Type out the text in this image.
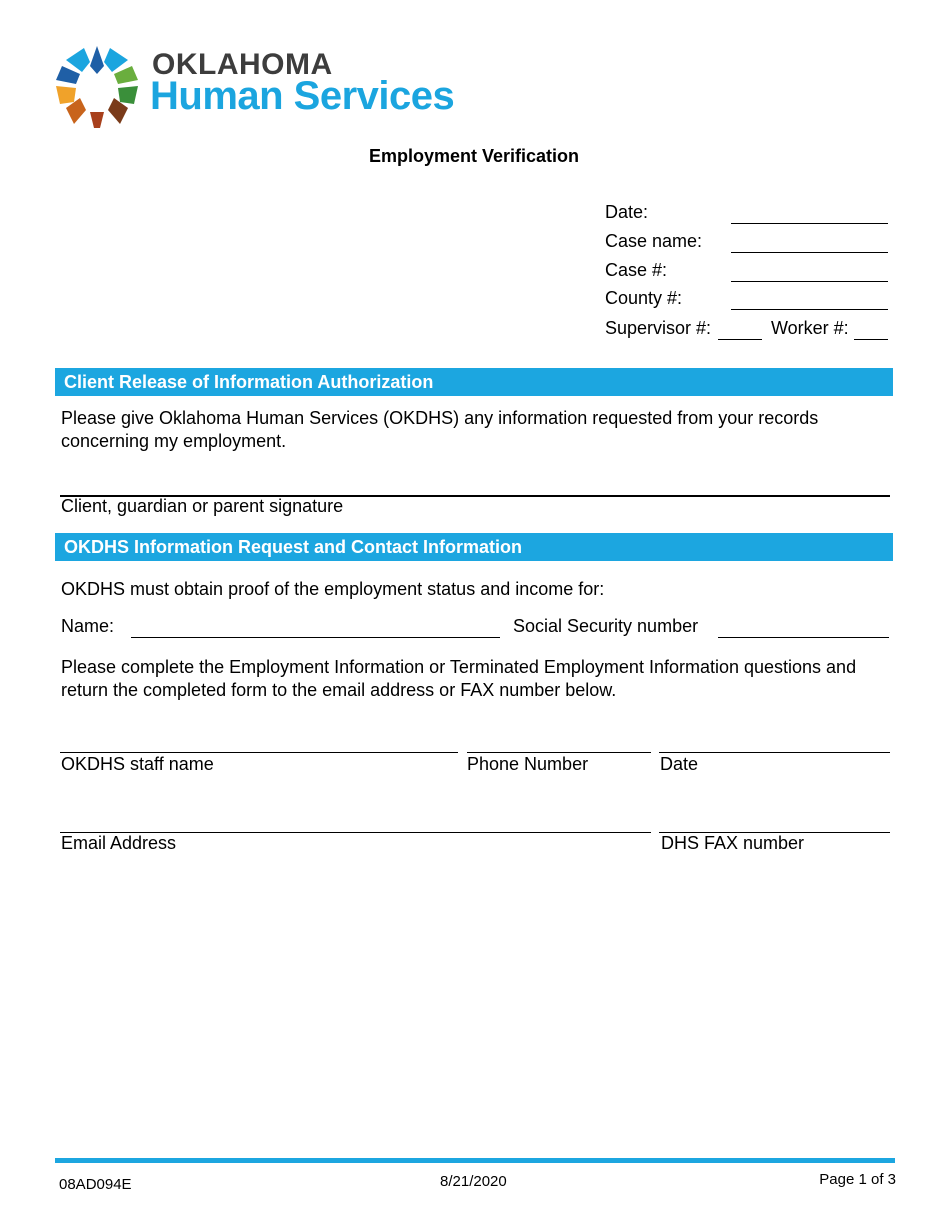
OKLAHOMA
Human Services
Employment Verification
Date:
Case name:
Case #:
County #:
Supervisor #:	Worker #:
Client Release of Information Authorization
Please give Oklahoma Human Services (OKDHS) any information requested from your records
concerning my employment.
Client, guardian or parent signature
OKDHS Information Request and Contact Information
OKDHS must obtain proof of the employment status and income for:
Name:	Social Security number
Please complete the Employment Information or Terminated Employment Information questions and
return the completed form to the email address or FAX number below.
OKDHS staff name	Phone Number	Date
Email Address	DHS FAX number
08AD094E	8/21/2020	Page 1 of 3
